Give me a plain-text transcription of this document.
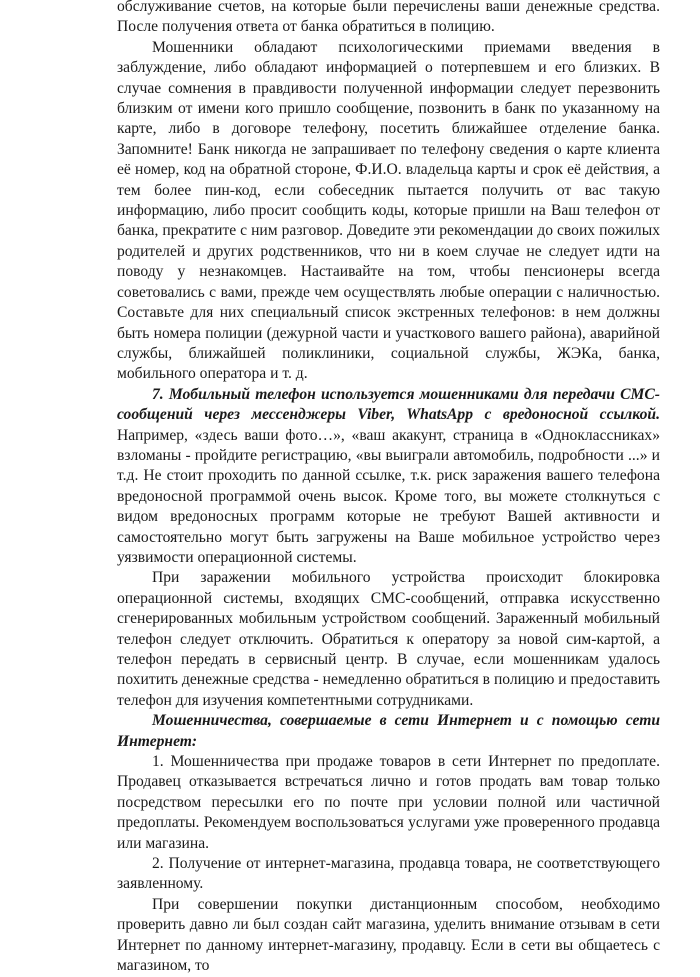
обслуживание счетов, на которые были перечислены ваши денежные средства. После получения ответа от банка обратиться в полицию.

Мошенники обладают психологическими приемами введения в заблуждение, либо обладают информацией о потерпевшем и его близких. В случае сомнения в правдивости полученной информации следует перезвонить близким от имени кого пришло сообщение, позвонить в банк по указанному на карте, либо в договоре телефону, посетить ближайшее отделение банка. Запомните! Банк никогда не запрашивает по телефону сведения о карте клиента её номер, код на обратной стороне, Ф.И.О. владельца карты и срок её действия, а тем более пин-код, если собеседник пытается получить от вас такую информацию, либо просит сообщить коды, которые пришли на Ваш телефон от банка, прекратите с ним разговор. Доведите эти рекомендации до своих пожилых родителей и других родственников, что ни в коем случае не следует идти на поводу у незнакомцев. Настаивайте на том, чтобы пенсионеры всегда советовались с вами, прежде чем осуществлять любые операции с наличностью. Составьте для них специальный список экстренных телефонов: в нем должны быть номера полиции (дежурной части и участкового вашего района), аварийной службы, ближайшей поликлиники, социальной службы, ЖЭКа, банка, мобильного оператора и т. д.

7. Мобильный телефон используется мошенниками для передачи СМС-сообщений через мессенджеры Viber, WhatsApp с вредоносной ссылкой. Например, «здесь ваши фото…», «ваш акакунт, страница в «Одноклассниках» взломаны - пройдите регистрацию, «вы выиграли автомобиль, подробности ...» и т.д. Не стоит проходить по данной ссылке, т.к. риск заражения вашего телефона вредоносной программой очень высок. Кроме того, вы можете столкнуться с видом вредоносных программ которые не требуют Вашей активности и самостоятельно могут быть загружены на Ваше мобильное устройство через уязвимости операционной системы.

При заражении мобильного устройства происходит блокировка операционной системы, входящих СМС-сообщений, отправка искусственно сгенерированных мобильным устройством сообщений. Зараженный мобильный телефон следует отключить. Обратиться к оператору за новой сим-картой, а телефон передать в сервисный центр. В случае, если мошенникам удалось похитить денежные средства - немедленно обратиться в полицию и предоставить телефон для изучения компетентными сотрудниками.

Мошенничества, совершаемые в сети Интернет и с помощью сети Интернет:

1. Мошенничества при продаже товаров в сети Интернет по предоплате. Продавец отказывается встречаться лично и готов продать вам товар только посредством пересылки его по почте при условии полной или частичной предоплаты. Рекомендуем воспользоваться услугами уже проверенного продавца или магазина.

2. Получение от интернет-магазина, продавца товара, не соответствующего заявленному.

При совершении покупки дистанционным способом, необходимо проверить давно ли был создан сайт магазина, уделить внимание отзывам в сети Интернет по данному интернет-магазину, продавцу. Если в сети вы общаетесь с магазином, то
